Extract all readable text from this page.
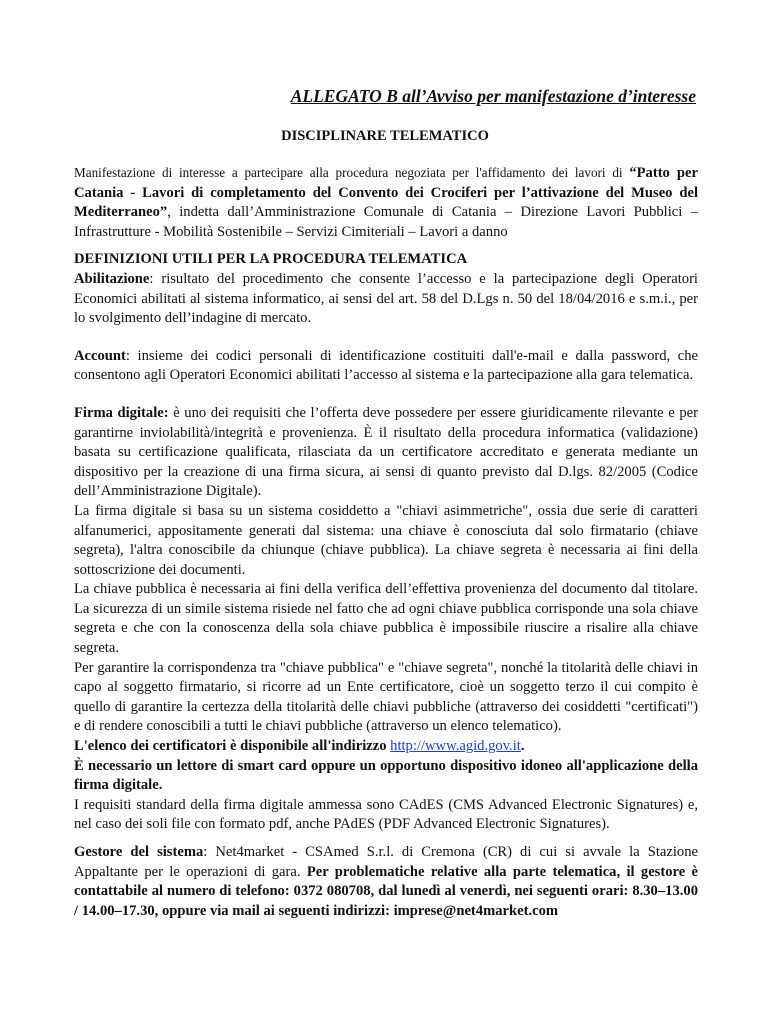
ALLEGATO B all’Avviso per manifestazione d’interesse
DISCIPLINARE TELEMATICO

Manifestazione di interesse a partecipare alla procedura negoziata per l'affidamento dei lavori di “Patto per Catania - Lavori di completamento del Convento dei Crociferi per l’attivazione del Museo del Mediterraneo”, indetta dall’Amministrazione Comunale di Catania – Direzione Lavori Pubblici – Infrastrutture - Mobilità Sostenibile – Servizi Cimiteriali – Lavori a danno

DEFINIZIONI UTILI PER LA PROCEDURA TELEMATICA

Abilitazione: risultato del procedimento che consente l’accesso e la partecipazione degli Operatori Economici abilitati al sistema informatico, ai sensi del art. 58 del D.Lgs n. 50 del 18/04/2016 e s.m.i., per lo svolgimento dell’indagine di mercato.

Account: insieme dei codici personali di identificazione costituiti dall'e-mail e dalla password, che consentono agli Operatori Economici abilitati l’accesso al sistema e la partecipazione alla gara telematica.

Firma digitale: è uno dei requisiti che l’offerta deve possedere per essere giuridicamente rilevante e per garantirne inviolabilità/integrità e provenienza. È il risultato della procedura informatica (validazione) basata su certificazione qualificata, rilasciata da un certificatore accreditato e generata mediante un dispositivo per la creazione di una firma sicura, ai sensi di quanto previsto dal D.lgs. 82/2005 (Codice dell’Amministrazione Digitale).

La firma digitale si basa su un sistema cosiddetto a "chiavi asimmetriche", ossia due serie di caratteri alfanumerici, appositamente generati dal sistema: una chiave è conosciuta dal solo firmatario (chiave segreta), l'altra conoscibile da chiunque (chiave pubblica). La chiave segreta è necessaria ai fini della sottoscrizione dei documenti.

La chiave pubblica è necessaria ai fini della verifica dell’effettiva provenienza del documento dal titolare. La sicurezza di un simile sistema risiede nel fatto che ad ogni chiave pubblica corrisponde una sola chiave segreta e che con la conoscenza della sola chiave pubblica è impossibile riuscire a risalire alla chiave segreta.

Per garantire la corrispondenza tra "chiave pubblica" e "chiave segreta", nonché la titolarità delle chiavi in capo al soggetto firmatario, si ricorre ad un Ente certificatore, cioè un soggetto terzo il cui compito è quello di garantire la certezza della titolarità delle chiavi pubbliche (attraverso dei cosiddetti "certificati") e di rendere conoscibili a tutti le chiavi pubbliche (attraverso un elenco telematico).

L'elenco dei certificatori è disponibile all'indirizzo http://www.agid.gov.it.

È necessario un lettore di smart card oppure un opportuno dispositivo idoneo all'applicazione della firma digitale.

I requisiti standard della firma digitale ammessa sono CAdES (CMS Advanced Electronic Signatures) e, nel caso dei soli file con formato pdf, anche PAdES (PDF Advanced Electronic Signatures).

Gestore del sistema: Net4market - CSAmed S.r.l. di Cremona (CR) di cui si avvale la Stazione Appaltante per le operazioni di gara. Per problematiche relative alla parte telematica, il gestore è contattabile al numero di telefono: 0372 080708, dal lunedì al venerdì, nei seguenti orari: 8.30–13.00 / 14.00–17.30, oppure via mail ai seguenti indirizzi: imprese@net4market.com
